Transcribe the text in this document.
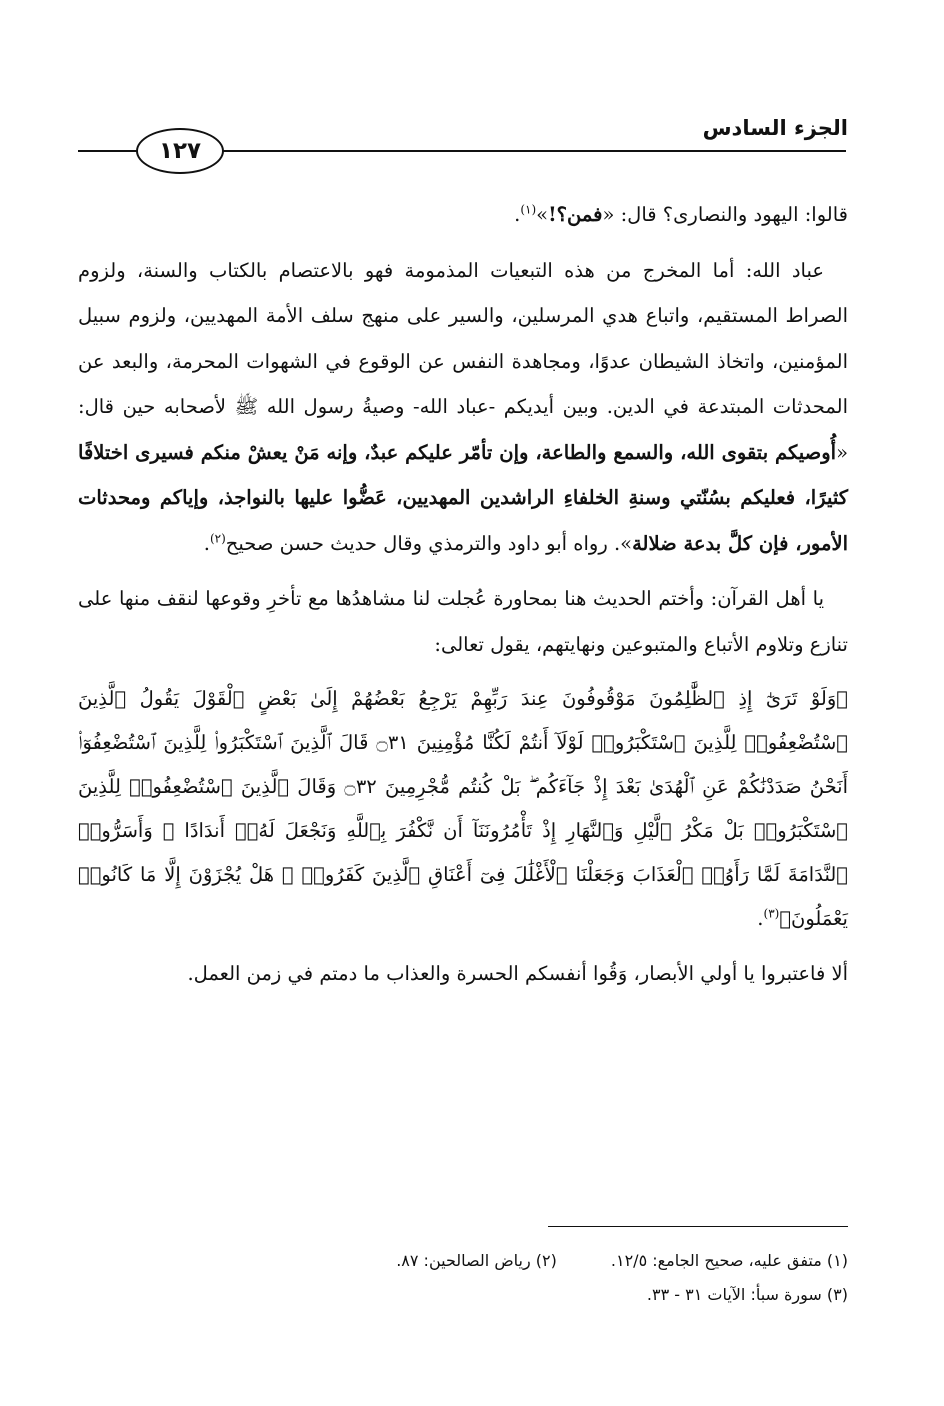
الجزء السادس
١٢٧

قالوا: اليهود والنصارى؟ قال: «فمن؟!»$^{(١)}$.

عباد الله: أما المخرج من هذه التبعيات المذمومة فهو بالاعتصام بالكتاب والسنة، ولزوم الصراط المستقيم، واتباع هدي المرسلين، والسير على منهج سلف الأمة المهديين، ولزوم سبيل المؤمنين، واتخاذ الشيطان عدوًا، ومجاهدة النفس عن الوقوع في الشهوات المحرمة، والبعد عن المحدثات المبتدعة في الدين. وبين أيديكم -عباد الله- وصيةُ رسول الله ﷺ لأصحابه حين قال: «أُوصيكم بتقوى الله، والسمع والطاعة، وإن تأمّر عليكم عبدٌ، وإنه مَنْ يعشْ منكم فسيرى اختلافًا كثيرًا، فعليكم بسُنّتي وسنةِ الخلفاءِ الراشدين المهديين، عَضُّوا عليها بالنواجذ، وإياكم ومحدثات الأمور، فإن كلَّ بدعة ضلالة». رواه أبو داود والترمذي وقال حديث حسن صحيح$^{(٢)}$.

يا أهل القرآن: وأختم الحديث هنا بمحاورة عُجلت لنا مشاهدُها مع تأخرِ وقوعها لنقف منها على تنازع وتلاوم الأتباع والمتبوعين ونهايتهم، يقول تعالى:

﴿وَلَوْ تَرَىٰٓ إِذِ ٱلظَّٰلِمُونَ مَوْقُوفُونَ عِندَ رَبِّهِمْ يَرْجِعُ بَعْضُهُمْ إِلَىٰ بَعْضٍ ٱلْقَوْلَ يَقُولُ ٱلَّذِينَ ٱسْتُضْعِفُوا۟ لِلَّذِينَ ٱسْتَكْبَرُوا۟ لَوْلَآ أَنتُمْ لَكُنَّا مُؤْمِنِينَ ۝٣١ قَالَ ٱلَّذِينَ ٱسْتَكْبَرُوا۟ لِلَّذِينَ ٱسْتُضْعِفُوٓا۟ أَنَحْنُ صَدَدْنَٰكُمْ عَنِ ٱلْهُدَىٰ بَعْدَ إِذْ جَآءَكُم ۖ بَلْ كُنتُم مُّجْرِمِينَ ۝٣٢ وَقَالَ ٱلَّذِينَ ٱسْتُضْعِفُوا۟ لِلَّذِينَ ٱسْتَكْبَرُوا۟ بَلْ مَكْرُ ٱلَّيْلِ وَٱلنَّهَارِ إِذْ تَأْمُرُونَنَآ أَن نَّكْفُرَ بِٱللَّهِ وَنَجْعَلَ لَهُۥٓ أَندَادًا ۚ وَأَسَرُّوا۟ ٱلنَّدَامَةَ لَمَّا رَأَوُا۟ ٱلْعَذَابَ وَجَعَلْنَا ٱلْأَغْلَٰلَ فِىٓ أَعْنَاقِ ٱلَّذِينَ كَفَرُوا۟ ۚ هَلْ يُجْزَوْنَ إِلَّا مَا كَانُوا۟ يَعْمَلُونَ﴾$^{(٣)}$.

ألا فاعتبروا يا أولي الأبصار، وَقُوا أنفسكم الحسرة والعذاب ما دمتم في زمن العمل.

(١) متفق عليه، صحيح الجامع: ١٢/٥.(٢) رياض الصالحين: ٨٧.
(٣) سورة سبأ: الآيات ٣١ - ٣٣.
